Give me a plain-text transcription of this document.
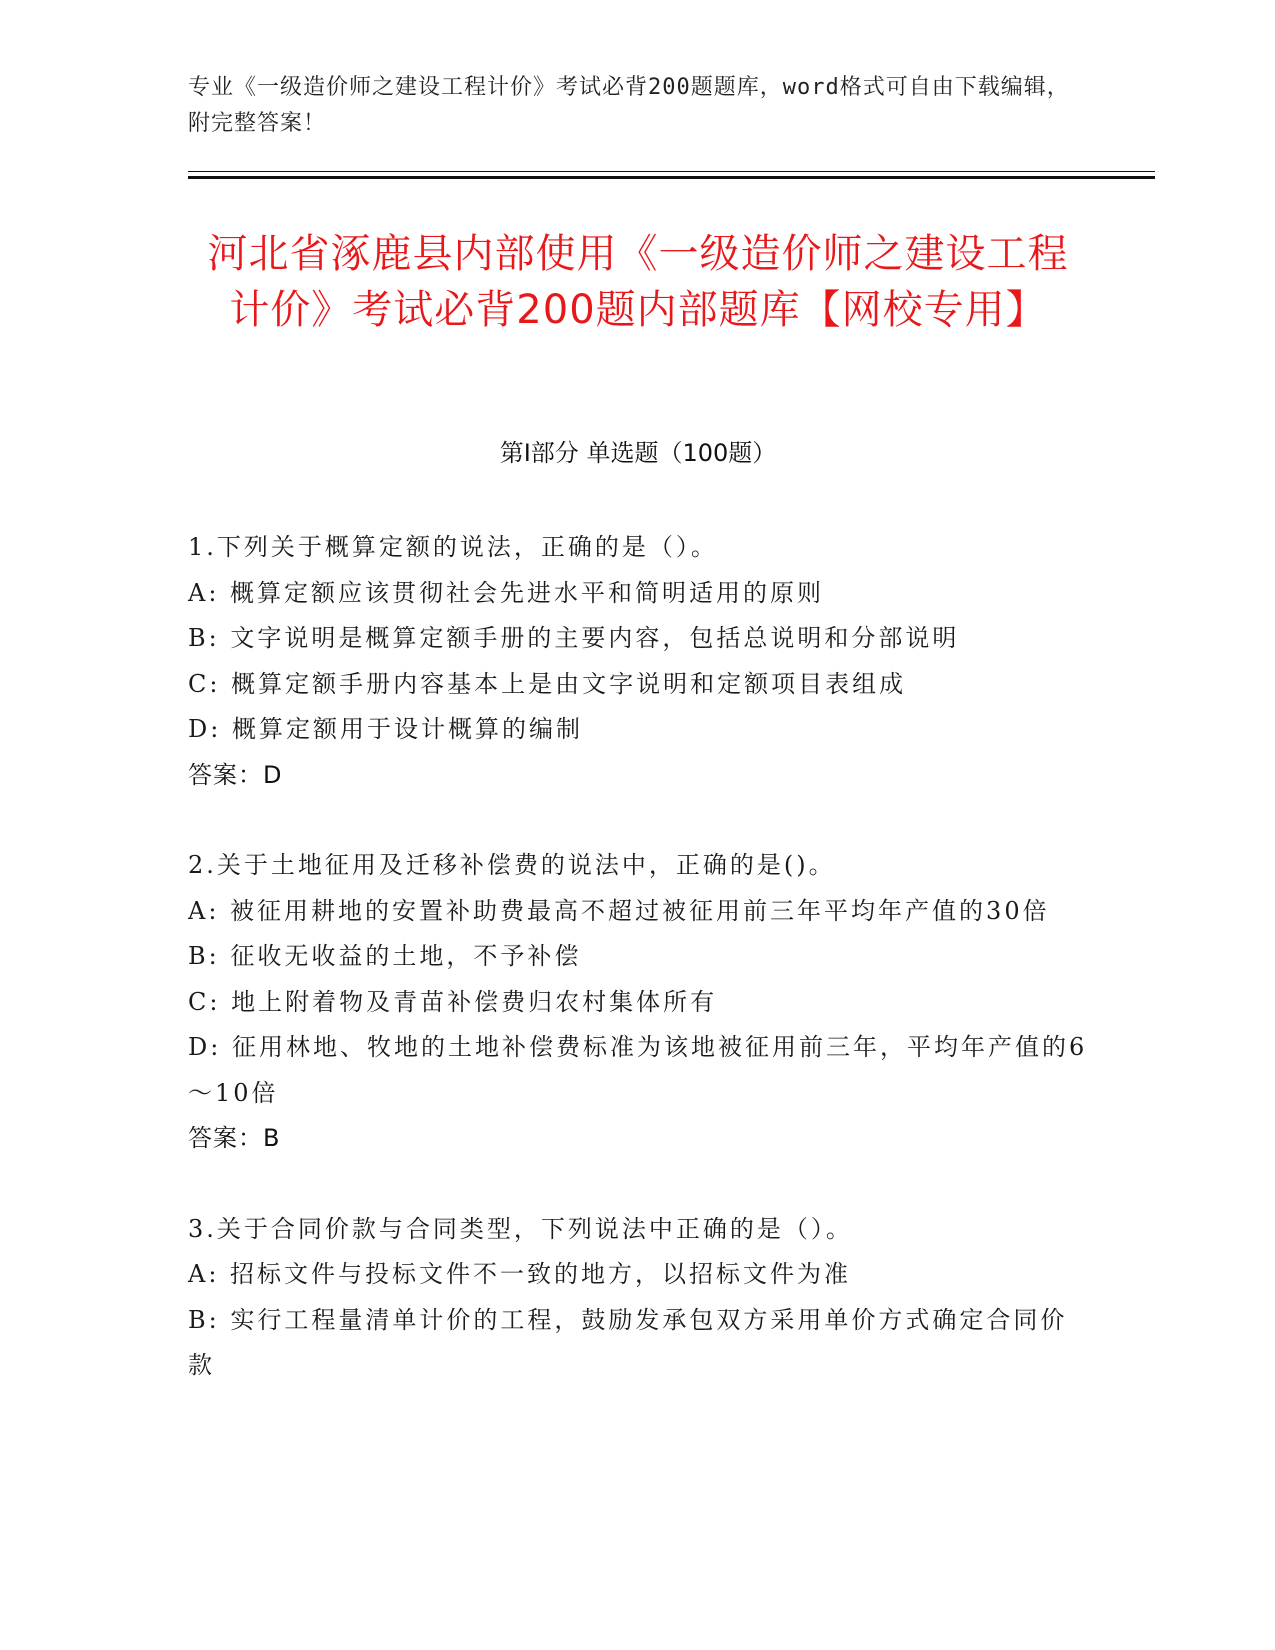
专业《一级造价师之建设工程计价》考试必背200题题库，word格式可自由下载编辑，附完整答案！
河北省涿鹿县内部使用《一级造价师之建设工程计价》考试必背200题内部题库【网校专用】
第Ⅰ部分 单选题（100题）
1.下列关于概算定额的说法，正确的是（）。
A: 概算定额应该贯彻社会先进水平和简明适用的原则
B: 文字说明是概算定额手册的主要内容，包括总说明和分部说明
C: 概算定额手册内容基本上是由文字说明和定额项目表组成
D: 概算定额用于设计概算的编制
答案：D
2.关于土地征用及迁移补偿费的说法中，正确的是()。
A: 被征用耕地的安置补助费最高不超过被征用前三年平均年产值的30倍
B: 征收无收益的土地，不予补偿
C: 地上附着物及青苗补偿费归农村集体所有
D: 征用林地、牧地的土地补偿费标准为该地被征用前三年，平均年产值的6～10倍
答案：B
3.关于合同价款与合同类型，下列说法中正确的是（）。
A: 招标文件与投标文件不一致的地方，以招标文件为准
B: 实行工程量清单计价的工程，鼓励发承包双方采用单价方式确定合同价款
